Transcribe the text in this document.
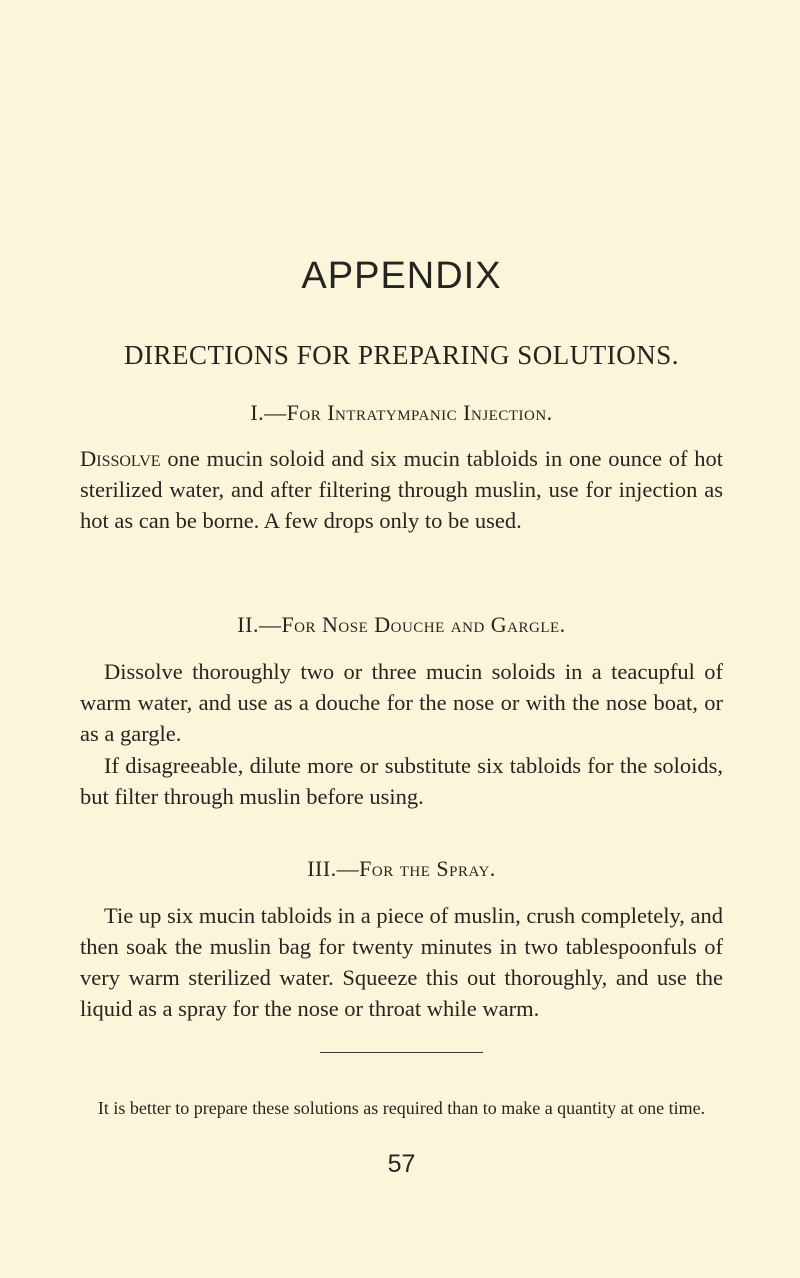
APPENDIX
DIRECTIONS FOR PREPARING SOLUTIONS.
I.—For Intratympanic Injection.

Dissolve one mucin soloid and six mucin tabloids in one ounce of hot sterilized water, and after filtering through muslin, use for injection as hot as can be borne. A few drops only to be used.

II.—For Nose Douche and Gargle.

Dissolve thoroughly two or three mucin soloids in a teacupful of warm water, and use as a douche for the nose or with the nose boat, or as a gargle.

If disagreeable, dilute more or substitute six tabloids for the soloids, but filter through muslin before using.

III.—For the Spray.

Tie up six mucin tabloids in a piece of muslin, crush completely, and then soak the muslin bag for twenty minutes in two tablespoonfuls of very warm sterilized water. Squeeze this out thoroughly, and use the liquid as a spray for the nose or throat while warm.

It is better to prepare these solutions as required than to make a quantity at one time.

57
